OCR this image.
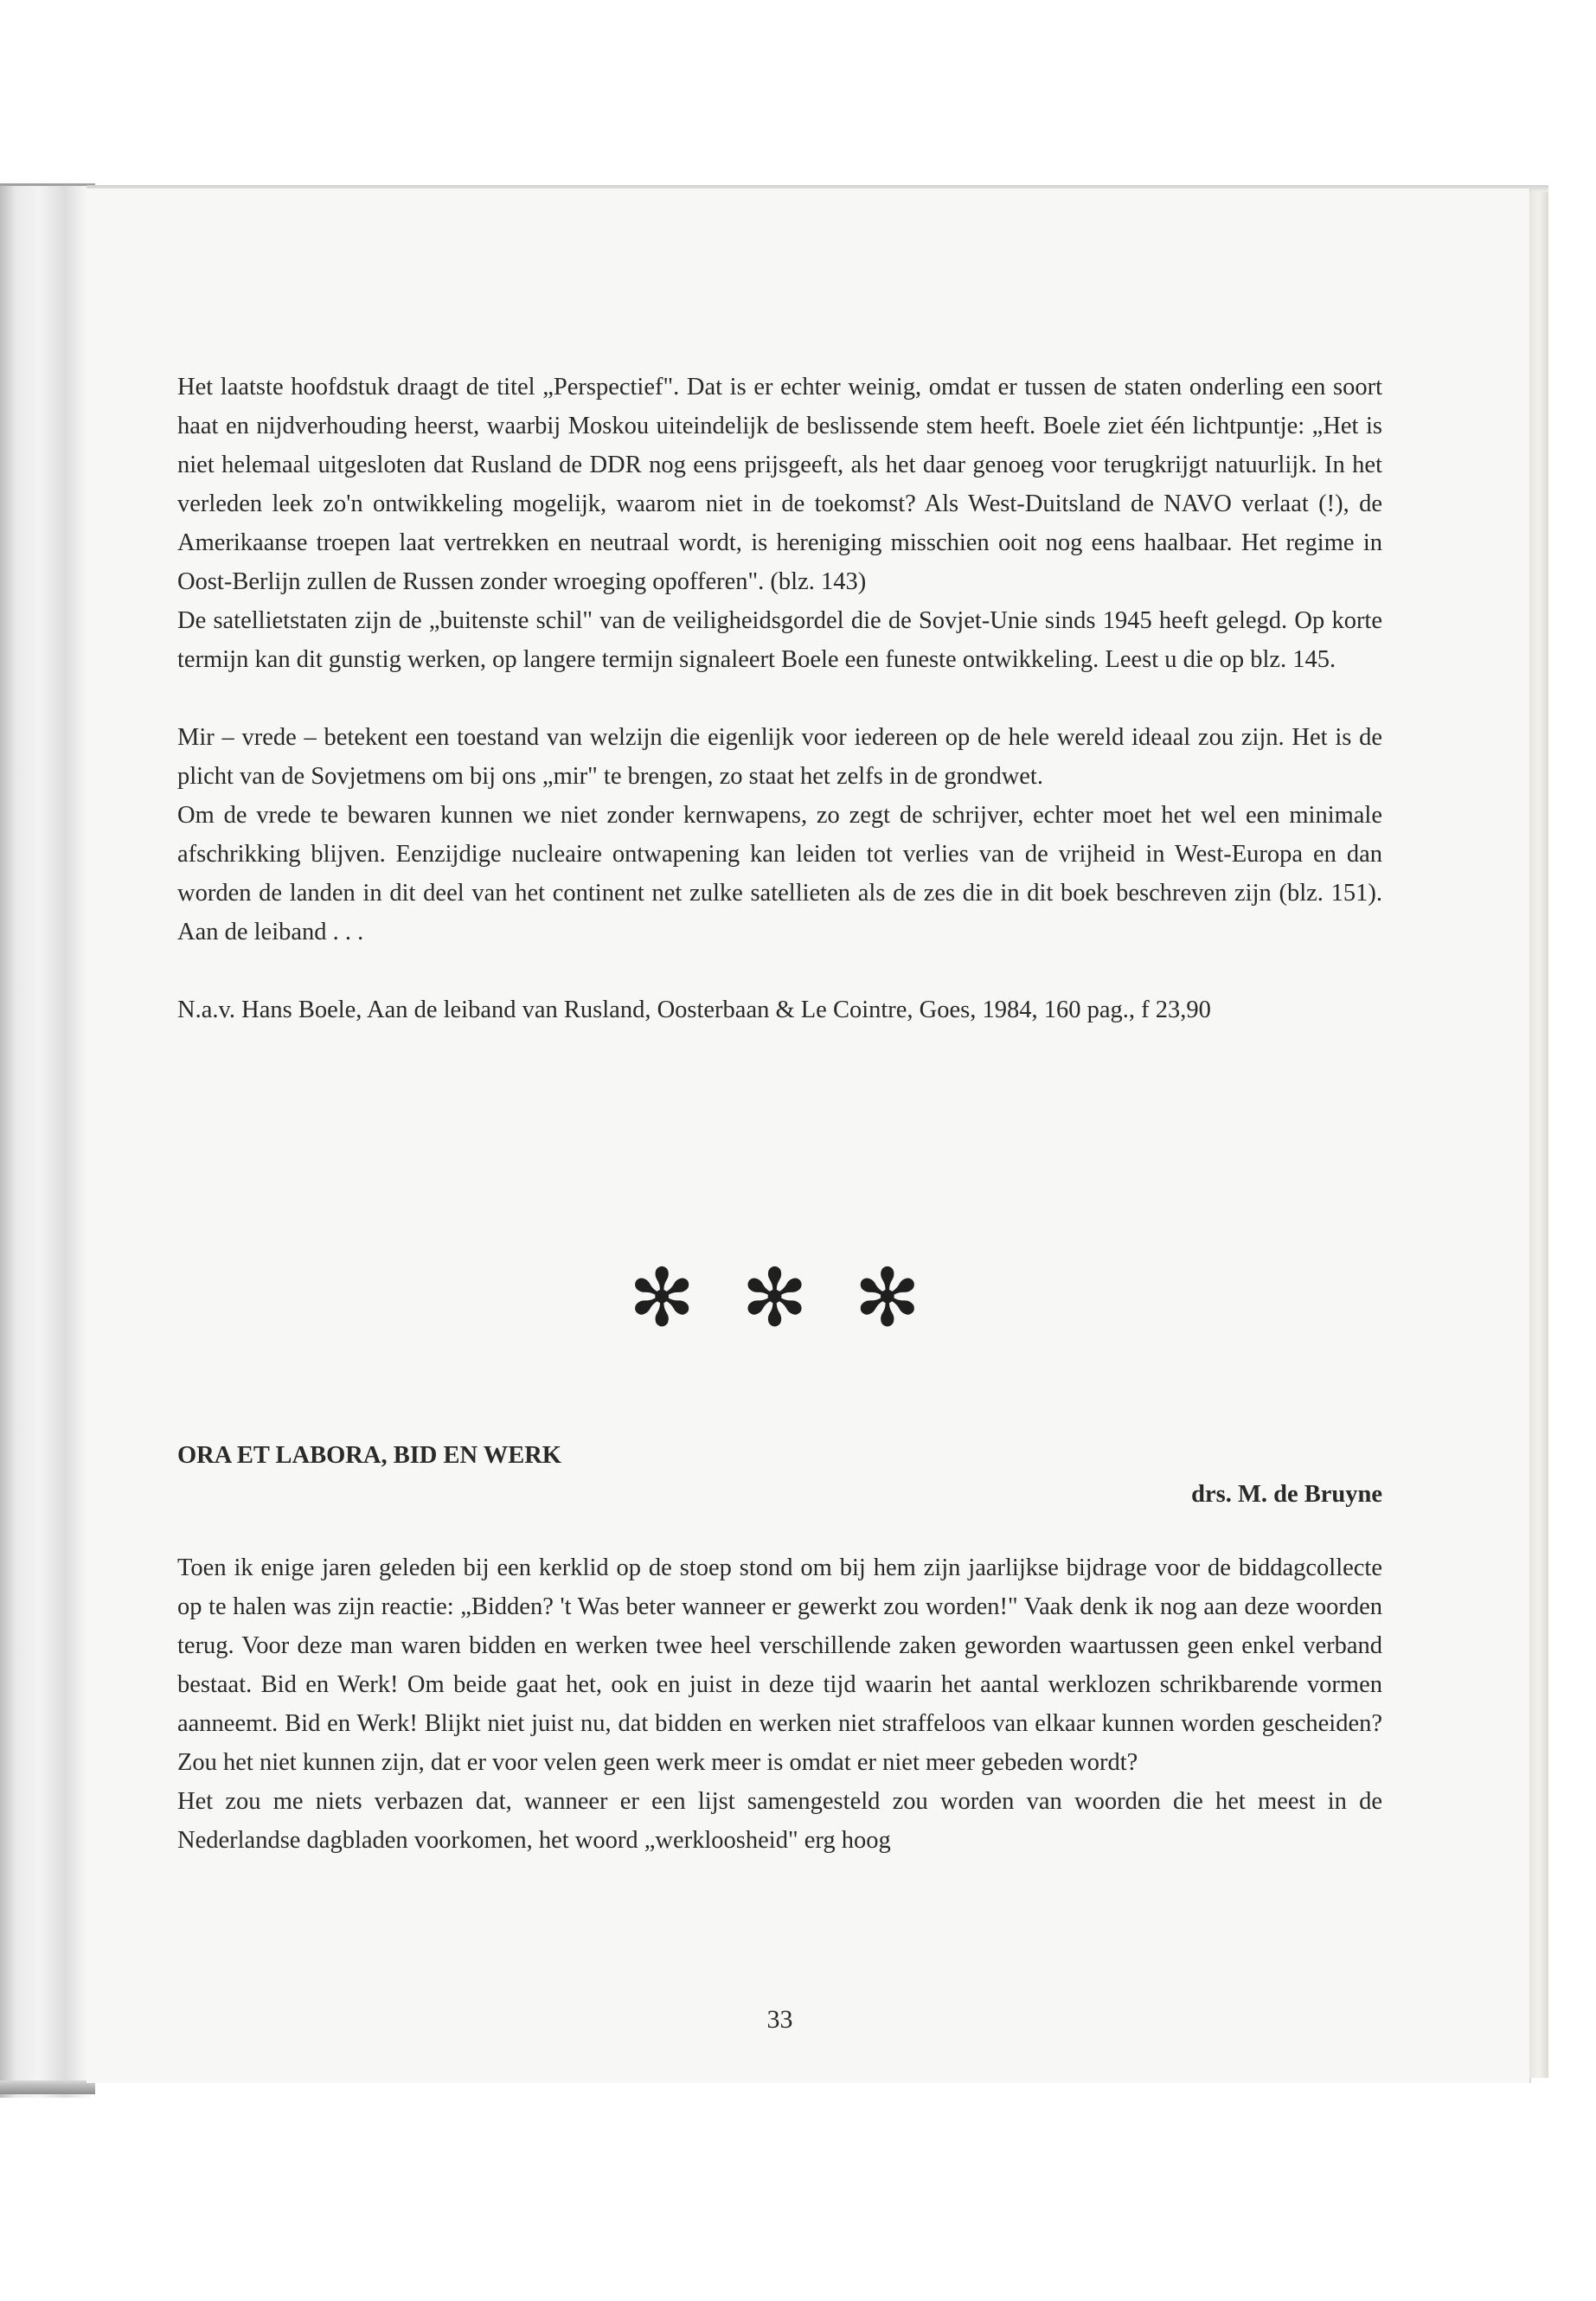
Het laatste hoofdstuk draagt de titel „Perspectief". Dat is er echter weinig, omdat er tussen de staten onderling een soort haat en nijdverhouding heerst, waarbij Moskou uiteindelijk de beslissende stem heeft. Boele ziet één lichtpuntje: „Het is niet helemaal uitgesloten dat Rusland de DDR nog eens prijsgeeft, als het daar genoeg voor terugkrijgt natuurlijk. In het verleden leek zo'n ontwikkeling mogelijk, waarom niet in de toekomst? Als West-Duitsland de NAVO verlaat (!), de Amerikaanse troepen laat vertrekken en neutraal wordt, is hereniging misschien ooit nog eens haalbaar. Het regime in Oost-Berlijn zullen de Russen zonder wroeging opofferen". (blz. 143)

De satellietstaten zijn de „buitenste schil" van de veiligheidsgordel die de Sovjet-Unie sinds 1945 heeft gelegd. Op korte termijn kan dit gunstig werken, op langere termijn signaleert Boele een funeste ontwikkeling. Leest u die op blz. 145.

Mir – vrede – betekent een toestand van welzijn die eigenlijk voor iedereen op de hele wereld ideaal zou zijn. Het is de plicht van de Sovjetmens om bij ons „mir" te brengen, zo staat het zelfs in de grondwet.

Om de vrede te bewaren kunnen we niet zonder kernwapens, zo zegt de schrijver, echter moet het wel een minimale afschrikking blijven. Eenzijdige nucleaire ontwapening kan leiden tot verlies van de vrijheid in West-Europa en dan worden de landen in dit deel van het continent net zulke satellieten als de zes die in dit boek beschreven zijn (blz. 151). Aan de leiband . . .

N.a.v. Hans Boele, Aan de leiband van Rusland, Oosterbaan & Le Cointre, Goes, 1984, 160 pag., f 23,90

✻ ✻ ✻
ORA ET LABORA, BID EN WERK
drs. M. de Bruyne

Toen ik enige jaren geleden bij een kerklid op de stoep stond om bij hem zijn jaarlijkse bijdrage voor de biddagcollecte op te halen was zijn reactie: „Bidden? 't Was beter wanneer er gewerkt zou worden!" Vaak denk ik nog aan deze woorden terug. Voor deze man waren bidden en werken twee heel verschillende zaken geworden waartussen geen enkel verband bestaat. Bid en Werk! Om beide gaat het, ook en juist in deze tijd waarin het aantal werklozen schrikbarende vormen aanneemt. Bid en Werk! Blijkt niet juist nu, dat bidden en werken niet straffeloos van elkaar kunnen worden gescheiden? Zou het niet kunnen zijn, dat er voor velen geen werk meer is omdat er niet meer gebeden wordt?

Het zou me niets verbazen dat, wanneer er een lijst samengesteld zou worden van woorden die het meest in de Nederlandse dagbladen voorkomen, het woord „werkloosheid" erg hoog

33
